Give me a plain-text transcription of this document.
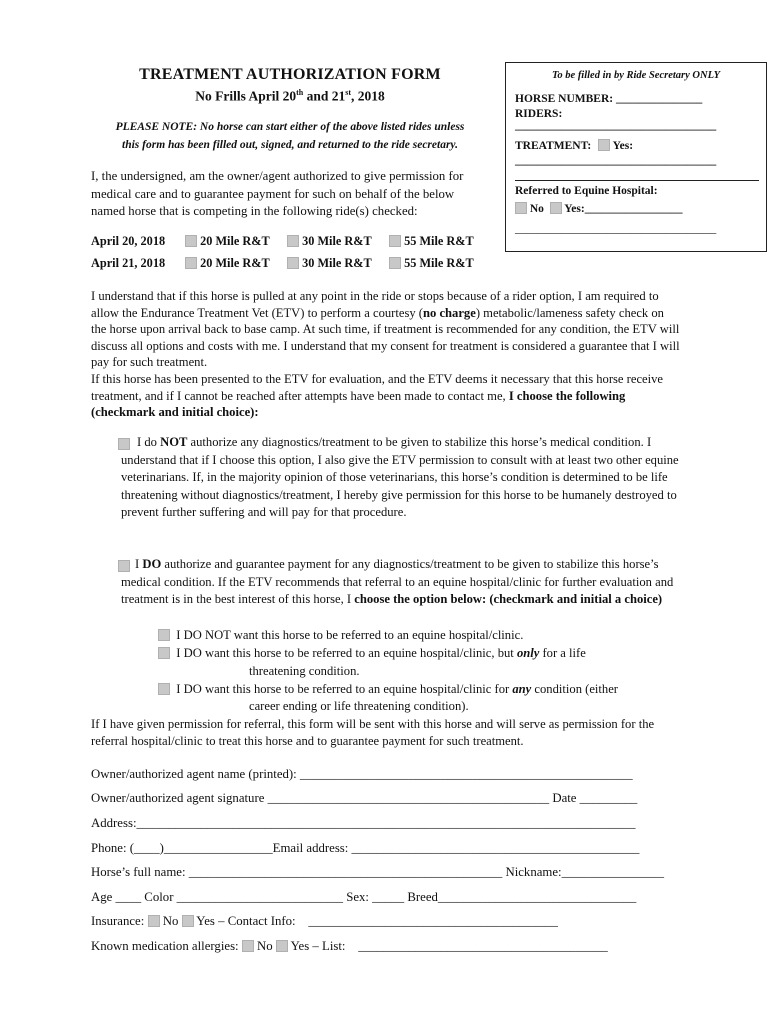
TREATMENT AUTHORIZATION FORM
No Frills April 20th and 21st, 2018
PLEASE NOTE: No horse can start either of the above listed rides unless
this form has been filled out, signed, and returned to the ride secretary.
To be filled in by Ride Secretary ONLY
HORSE NUMBER: _______________
RIDERS:
___________________________________
TREATMENT: Yes:
___________________________________
Referred to Equine Hospital:
No Yes:_________________
___________________________________
I, the undersigned, am the owner/agent authorized to give permission for medical care and to guarantee payment for such on behalf of the below named horse that is competing in the following ride(s) checked:
April 20, 2018	20 Mile R&T	30 Mile R&T	55 Mile R&T
April 21, 2018	20 Mile R&T	30 Mile R&T	55 Mile R&T
I understand that if this horse is pulled at any point in the ride or stops because of a rider option, I am required to allow the Endurance Treatment Vet (ETV) to perform a courtesy (no charge) metabolic/lameness safety check on the horse upon arrival back to base camp. At such time, if treatment is recommended for any condition, the ETV will discuss all options and costs with me. I understand that my consent for treatment is considered a guarantee that I will pay for such treatment.
If this horse has been presented to the ETV for evaluation, and the ETV deems it necessary that this horse receive treatment, and if I cannot be reached after attempts have been made to contact me, I choose the following (checkmark and initial choice):
I do NOT authorize any diagnostics/treatment to be given to stabilize this horse’s medical condition. I understand that if I choose this option, I also give the ETV permission to consult with at least two other equine veterinarians. If, in the majority opinion of those veterinarians, this horse’s condition is determined to be life threatening without diagnostics/treatment, I hereby give permission for this horse to be humanely destroyed to prevent further suffering and will pay for that procedure.
I DO authorize and guarantee payment for any diagnostics/treatment to be given to stabilize this horse’s medical condition. If the ETV recommends that referral to an equine hospital/clinic for further evaluation and treatment is in the best interest of this horse, I choose the option below: (checkmark and initial a choice)
I DO NOT want this horse to be referred to an equine hospital/clinic.
I DO want this horse to be referred to an equine hospital/clinic, but only for a life
threatening condition.
I DO want this horse to be referred to an equine hospital/clinic for any condition (either
career ending or life threatening condition).
If I have given permission for referral, this form will be sent with this horse and will serve as permission for the referral hospital/clinic to treat this horse and to guarantee payment for such treatment.
Owner/authorized agent name (printed): ____________________________________________________
Owner/authorized agent signature ____________________________________________ Date _________
Address:______________________________________________________________________________
Phone: (____)_________________Email address: _____________________________________________
Horse’s full name: _________________________________________________ Nickname:________________
Age ____ Color __________________________ Sex: _____ Breed_______________________________
Insurance: No Yes – Contact Info: _______________________________________
Known medication allergies: No Yes – List: _______________________________________
